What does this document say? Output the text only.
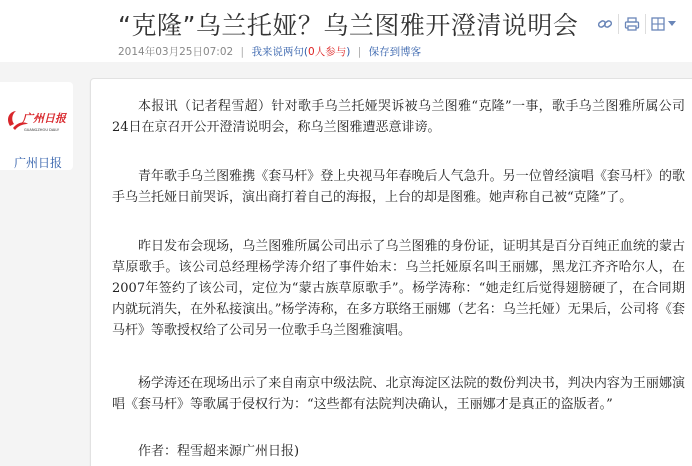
“克隆”乌兰托娅？乌兰图雅开澄清说明会
2014年03月25日07:02 | 我来说两句(0人参与) | 保存到博客
广州日报
GUANGZHOU DAILY
广州日报

本报讯（记者程雪超）针对歌手乌兰托娅哭诉被乌兰图雅“克隆”一事，歌手乌兰图雅所属公司24日在京召开公开澄清说明会，称乌兰图雅遭恶意诽谤。

青年歌手乌兰图雅携《套马杆》登上央视马年春晚后人气急升。另一位曾经演唱《套马杆》的歌手乌兰托娅日前哭诉，演出商打着自己的海报，上台的却是图雅。她声称自己被“克隆”了。

昨日发布会现场，乌兰图雅所属公司出示了乌兰图雅的身份证，证明其是百分百纯正血统的蒙古草原歌手。该公司总经理杨学涛介绍了事件始末：乌兰托娅原名叫王丽娜，黑龙江齐齐哈尔人，在2007年签约了该公司，定位为“蒙古族草原歌手”。杨学涛称：“她走红后觉得翅膀硬了，在合同期内就玩消失，在外私接演出。”杨学涛称，在多方联络王丽娜（艺名：乌兰托娅）无果后，公司将《套马杆》等歌授权给了公司另一位歌手乌兰图雅演唱。

杨学涛还在现场出示了来自南京中级法院、北京海淀区法院的数份判决书，判决内容为王丽娜演唱《套马杆》等歌属于侵权行为：“这些都有法院判决确认，王丽娜才是真正的盗版者。”

作者：程雪超来源广州日报)
